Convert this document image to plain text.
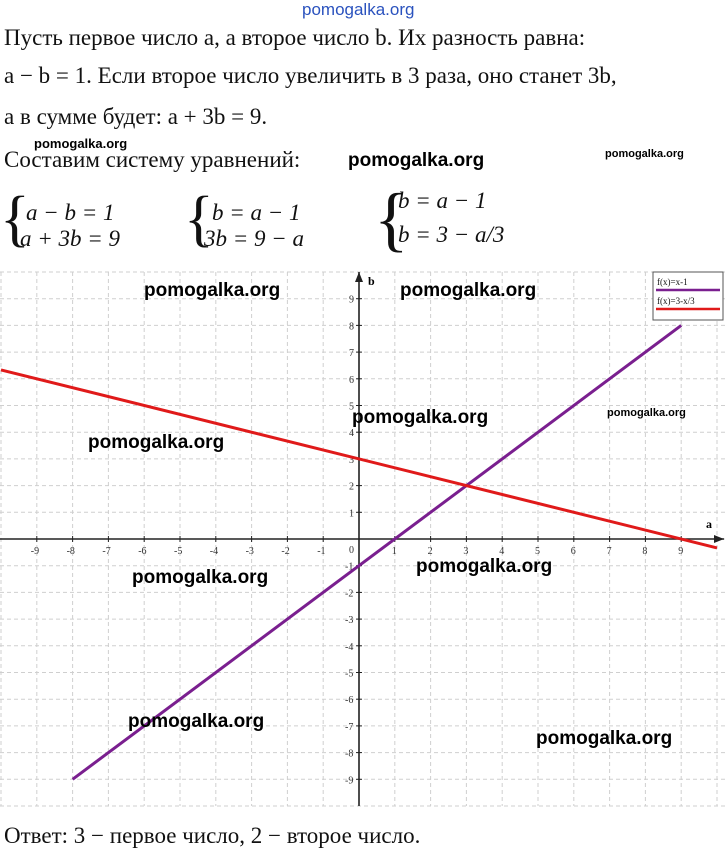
pomogalka.org
Пусть первое число a, а второе число b. Их разность равна:
a − b = 1. Если второе число увеличить в 3 раза, оно станет 3b,
а в сумме будет: a + 3b = 9.
pomogalka.org
Составим систему уравнений:	pomogalka.org	pomogalka.org
{
a − b = 1
a + 3b = 9 {
b = a − 1
3b = 9 − a {
b = a − 1
b = 3 − a/3
a
b
-9	-8	-7	-6	-5	-4	-3	-2	-1	1	2	3	4	5	6	7	8	9
-9
-8
-7
-6
-5
-4
-3
-2
-1
1
2
3
4
5
6
7
8
9
0
f(x)=x-1
f(x)=3-x/3
pomogalka.org	pomogalka.org
pomogalka.org	pomogalka.org
pomogalka.org
pomogalka.org
pomogalka.org
pomogalka.org
pomogalka.org
Ответ: 3 − первое число, 2 − второе число.
